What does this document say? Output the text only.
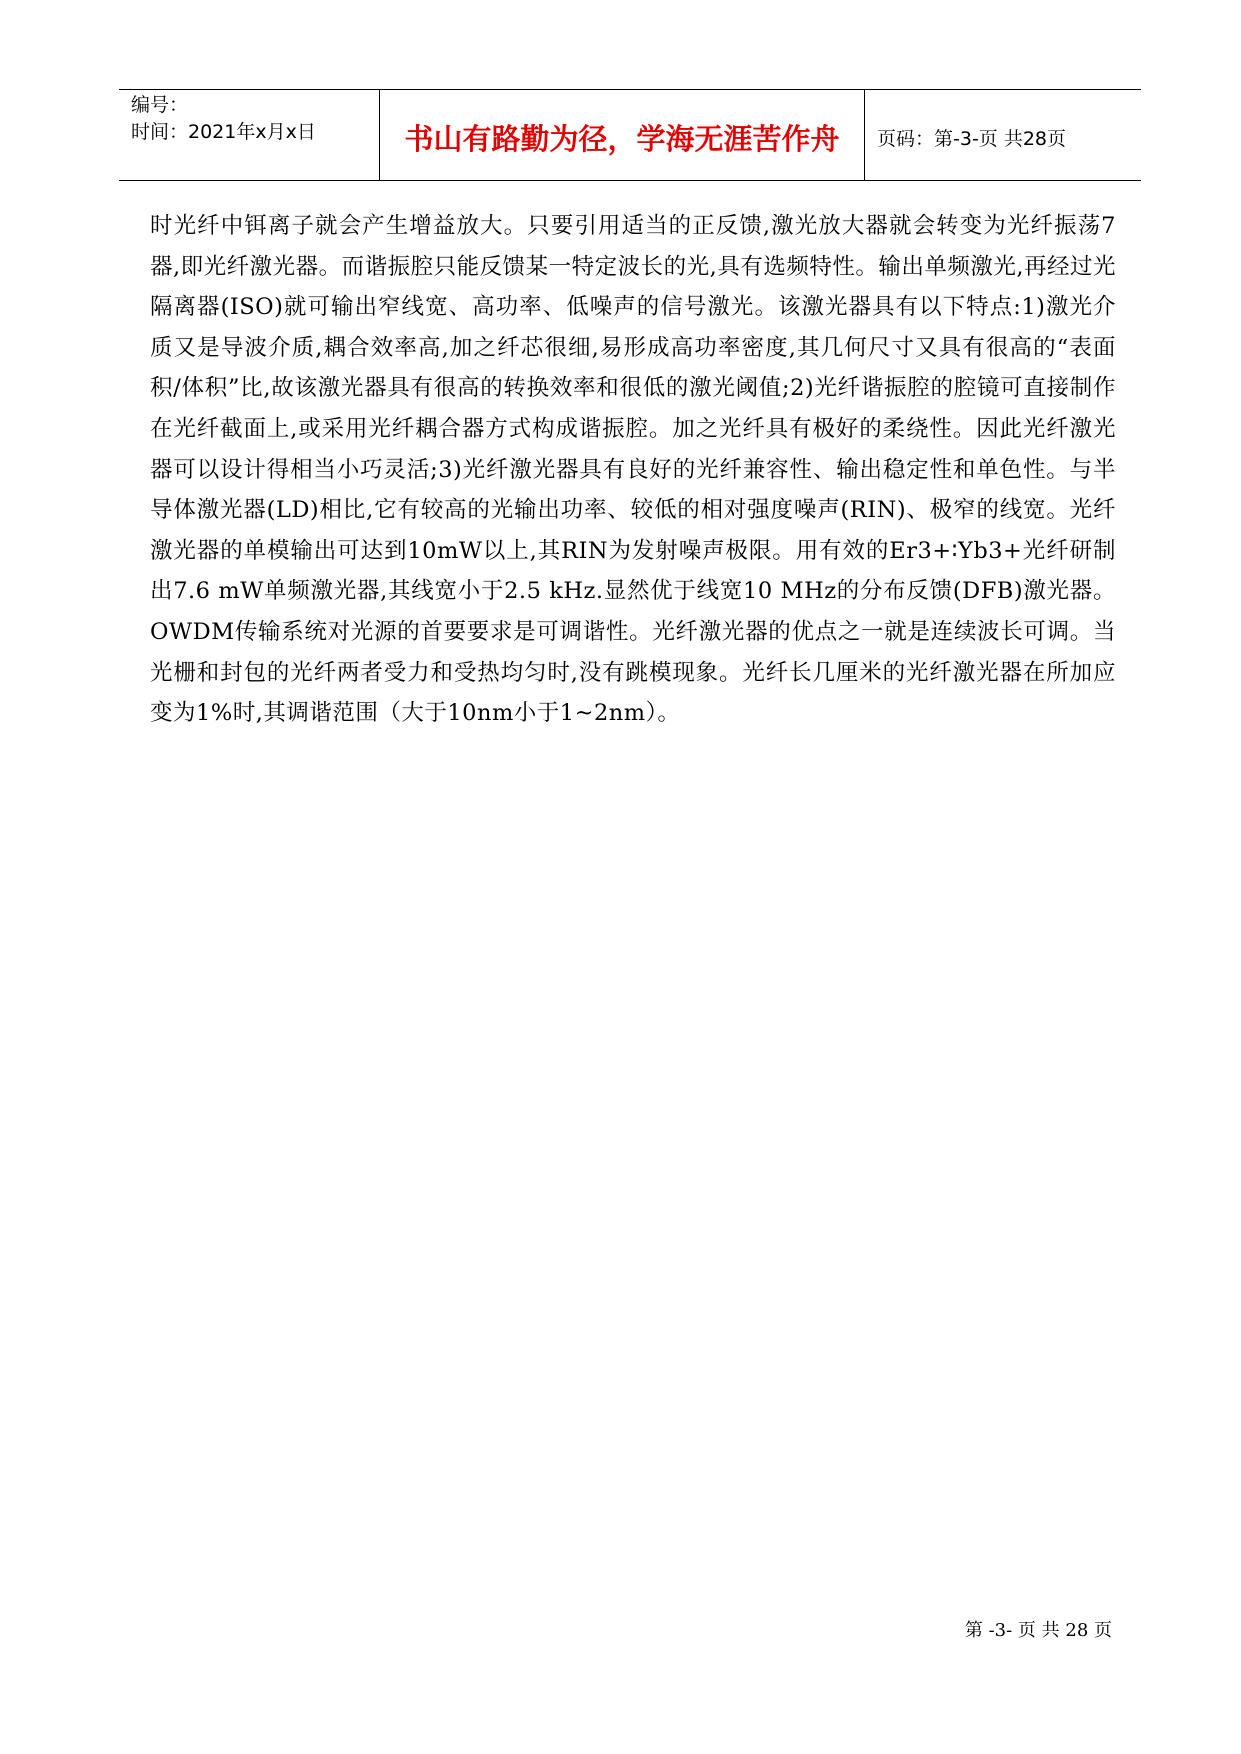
编号：
时间：2021年x月x日	书山有路勤为径，学海无涯苦作舟 页码：第-3-页 共28页
时光纤中铒离子就会产生增益放大。只要引用适当的正反馈,激光放大器就会转变为光纤振荡7器,即光纤激光器。而谐振腔只能反馈某一特定波长的光,具有选频特性。输出单频激光,再经过光隔离器(ISO)就可输出窄线宽、高功率、低噪声的信号激光。该激光器具有以下特点:1)激光介质又是导波介质,耦合效率高,加之纤芯很细,易形成高功率密度,其几何尺寸又具有很高的“表面积/体积”比,故该激光器具有很高的转换效率和很低的激光阈值;2)光纤谐振腔的腔镜可直接制作在光纤截面上,或采用光纤耦合器方式构成谐振腔。加之光纤具有极好的柔绕性。因此光纤激光器可以设计得相当小巧灵活;3)光纤激光器具有良好的光纤兼容性、输出稳定性和单色性。与半导体激光器(LD)相比,它有较高的光输出功率、较低的相对强度噪声(RIN)、极窄的线宽。光纤激光器的单模输出可达到10mW以上,其RIN为发射噪声极限。用有效的Er3+∶Yb3+光纤研制出7.6 mW单频激光器,其线宽小于2.5 kHz.显然优于线宽10 MHz的分布反馈(DFB)激光器。OWDM传输系统对光源的首要要求是可调谐性。光纤激光器的优点之一就是连续波长可调。当光栅和封包的光纤两者受力和受热均匀时,没有跳模现象。光纤长几厘米的光纤激光器在所加应变为1%时,其调谐范围（大于10nm小于1~2nm）。
第 -3- 页 共 28 页
